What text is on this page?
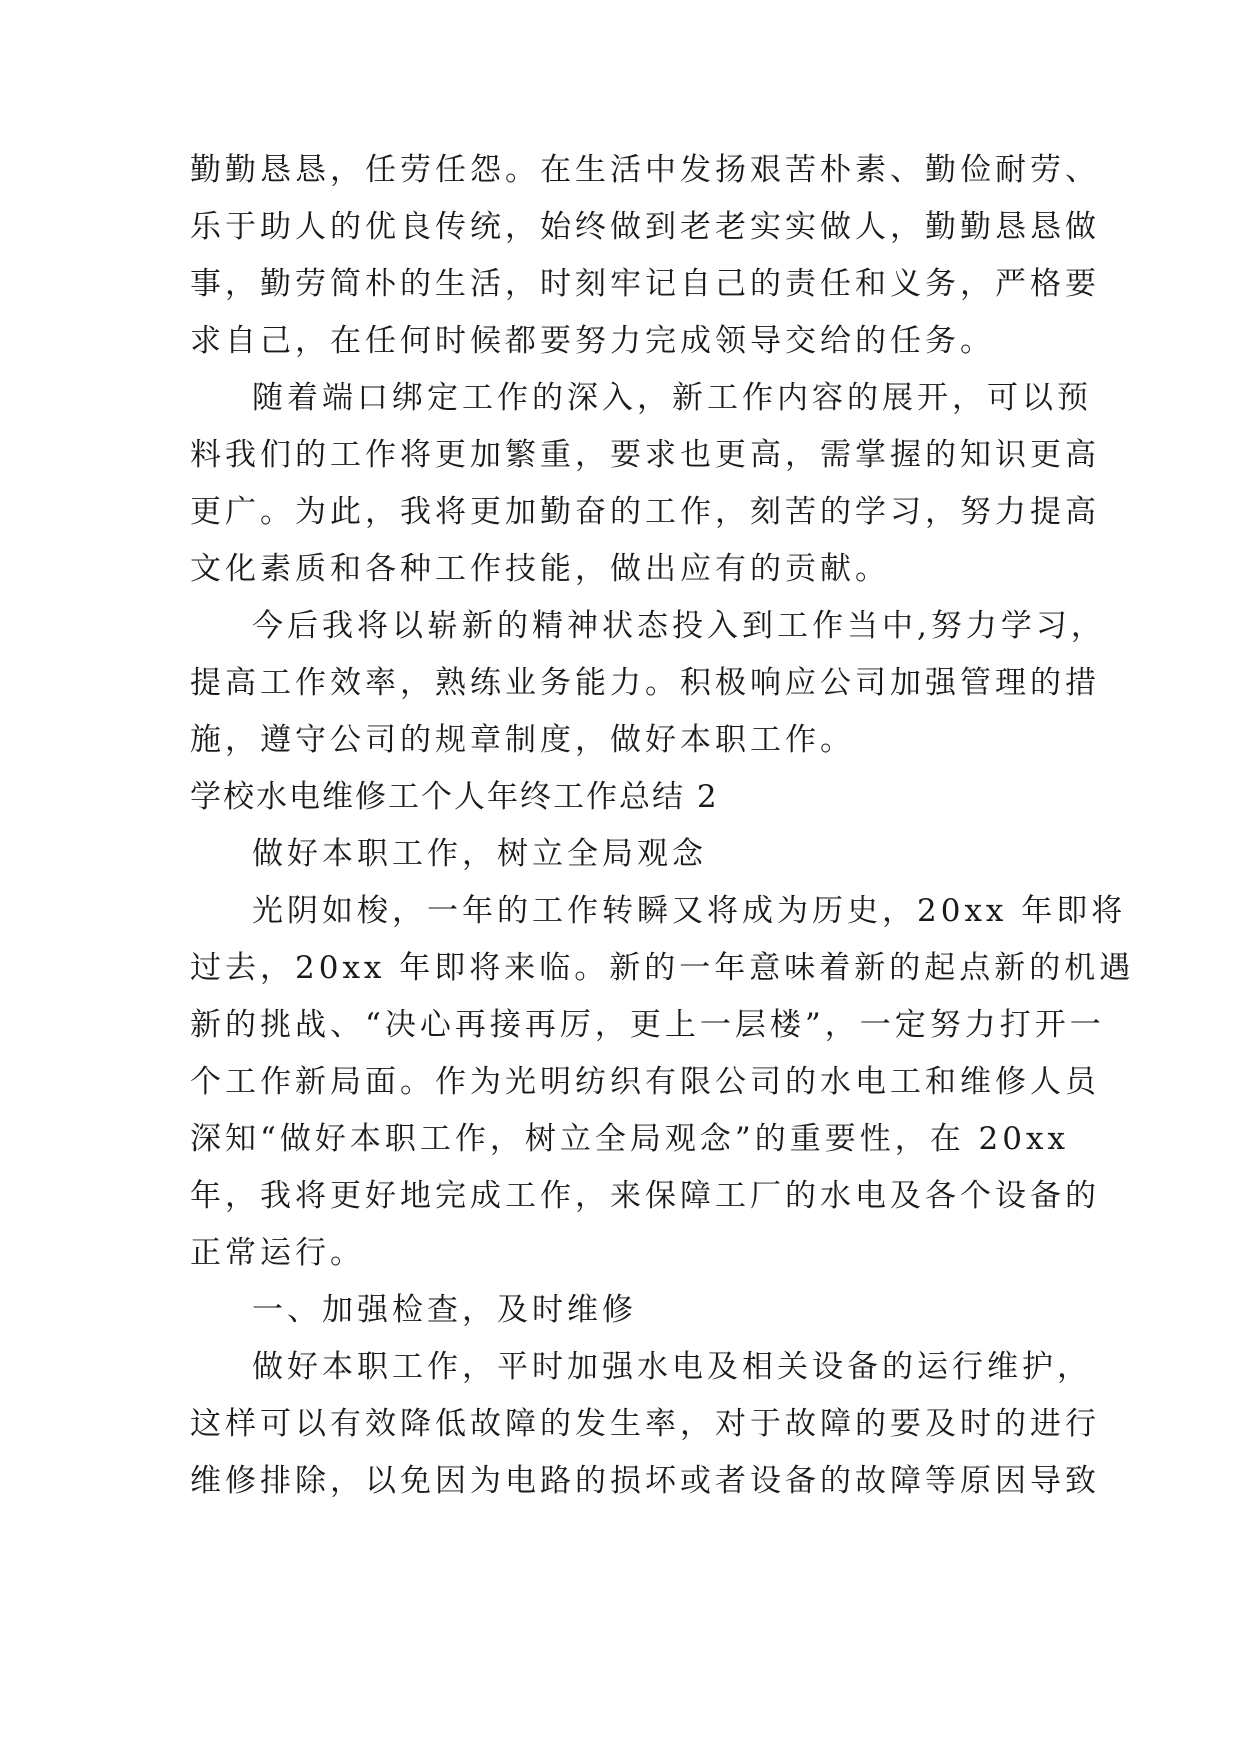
勤勤恳恳，任劳任怨。在生活中发扬艰苦朴素、勤俭耐劳、
乐于助人的优良传统，始终做到老老实实做人，勤勤恳恳做
事，勤劳简朴的生活，时刻牢记自己的责任和义务，严格要
求自己，在任何时候都要努力完成领导交给的任务。
随着端口绑定工作的深入，新工作内容的展开，可以预
料我们的工作将更加繁重，要求也更高，需掌握的知识更高
更广。为此，我将更加勤奋的工作，刻苦的学习，努力提高
文化素质和各种工作技能，做出应有的贡献。
今后我将以崭新的精神状态投入到工作当中,努力学习，
提高工作效率，熟练业务能力。积极响应公司加强管理的措
施，遵守公司的规章制度，做好本职工作。
学校水电维修工个人年终工作总结 2
做好本职工作，树立全局观念
光阴如梭，一年的工作转瞬又将成为历史，20xx 年即将
过去，20xx 年即将来临。新的一年意味着新的起点新的机遇
新的挑战、“决心再接再厉，更上一层楼”，一定努力打开一
个工作新局面。作为光明纺织有限公司的水电工和维修人员
深知“做好本职工作，树立全局观念”的重要性，在 20xx
年，我将更好地完成工作，来保障工厂的水电及各个设备的
正常运行。
一、加强检查，及时维修
做好本职工作，平时加强水电及相关设备的运行维护，
这样可以有效降低故障的发生率，对于故障的要及时的进行
维修排除，以免因为电路的损坏或者设备的故障等原因导致
